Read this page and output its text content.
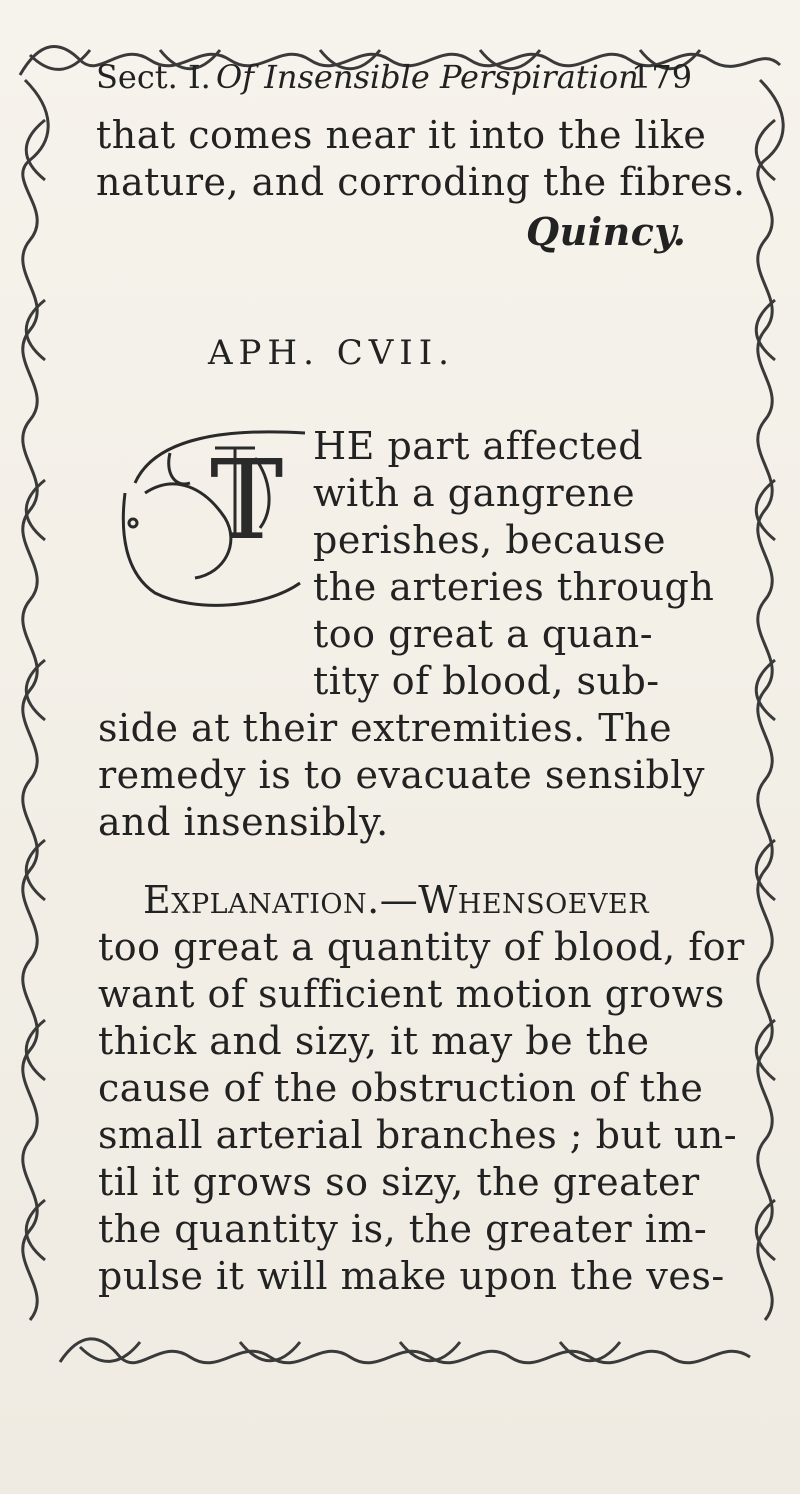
Sect. I. Of Insensible Perspiration
179
that comes near it into the like
nature, and corroding the fibres.
Quincy.
APH. CVII.
T HE part affected
with a gangrene
perishes, because
the arteries through
too great a quan-
tity of blood, sub-
side at their extremities. The
remedy is to evacuate sensibly
and insensibly.
Explanation.—Whensoever
too great a quantity of blood, for
want of sufficient motion grows
thick and sizy, it may be the
cause of the obstruction of the
small arterial branches ; but un-
til it grows so sizy, the greater
the quantity is, the greater im-
pulse it will make upon the ves-
